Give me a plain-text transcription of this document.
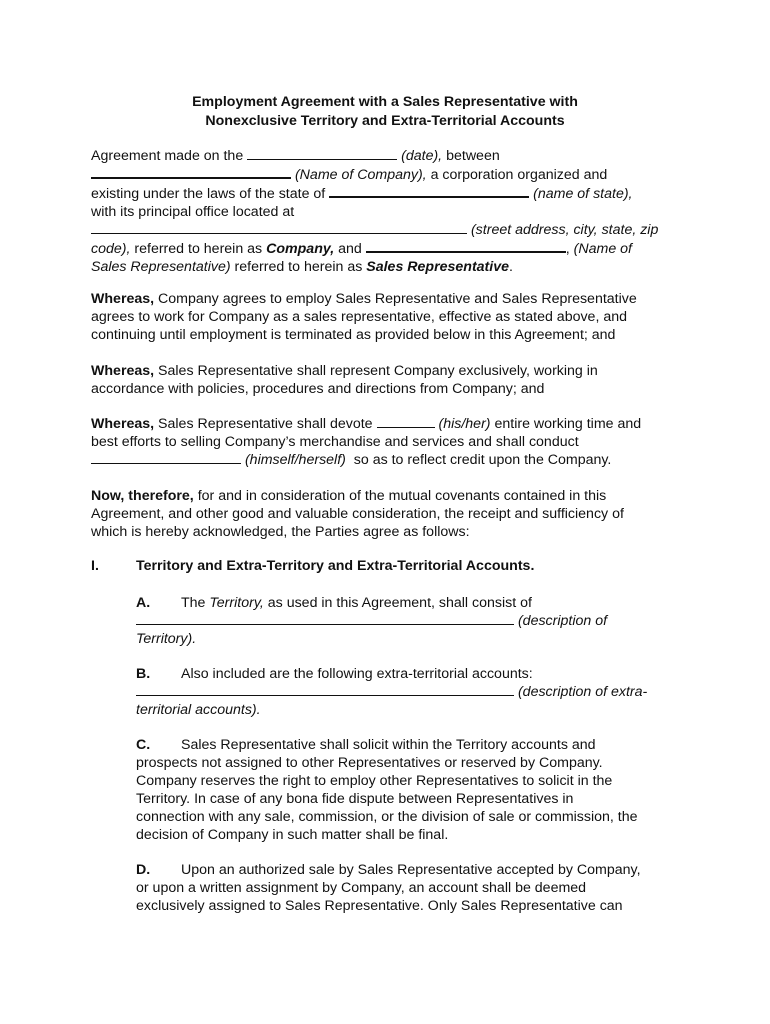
Employment Agreement with a Sales Representative with
Nonexclusive Territory and Extra-Territorial Accounts
Agreement made on the	(date), between
(Name of Company), a corporation organized and
existing under the laws of the state of	(name of state),
with its principal office located at
(street address, city, state, zip
code), referred to herein as Company, and	, (Name of
Sales Representative) referred to herein as Sales Representative.
Whereas, Company agrees to employ Sales Representative and Sales Representative
agrees to work for Company as a sales representative, effective as stated above, and
continuing until employment is terminated as provided below in this Agreement; and
Whereas, Sales Representative shall represent Company exclusively, working in
accordance with policies, procedures and directions from Company; and
Whereas, Sales Representative shall devote	(his/her) entire working time and
best efforts to selling Company’s merchandise and services and shall conduct
(himself/herself) so as to reflect credit upon the Company.
Now, therefore, for and in consideration of the mutual covenants contained in this
Agreement, and other good and valuable consideration, the receipt and sufficiency of
which is hereby acknowledged, the Parties agree as follows:
I.	Territory and Extra-Territory and Extra-Territorial Accounts.
A. The Territory, as used in this Agreement, shall consist of
(description of
Territory).
B. Also included are the following extra-territorial accounts:
(description of extra-
territorial accounts).
C. Sales Representative shall solicit within the Territory accounts and
prospects not assigned to other Representatives or reserved by Company.
Company reserves the right to employ other Representatives to solicit in the
Territory. In case of any bona fide dispute between Representatives in
connection with any sale, commission, or the division of sale or commission, the
decision of Company in such matter shall be final.
D. Upon an authorized sale by Sales Representative accepted by Company,
or upon a written assignment by Company, an account shall be deemed
exclusively assigned to Sales Representative. Only Sales Representative can
